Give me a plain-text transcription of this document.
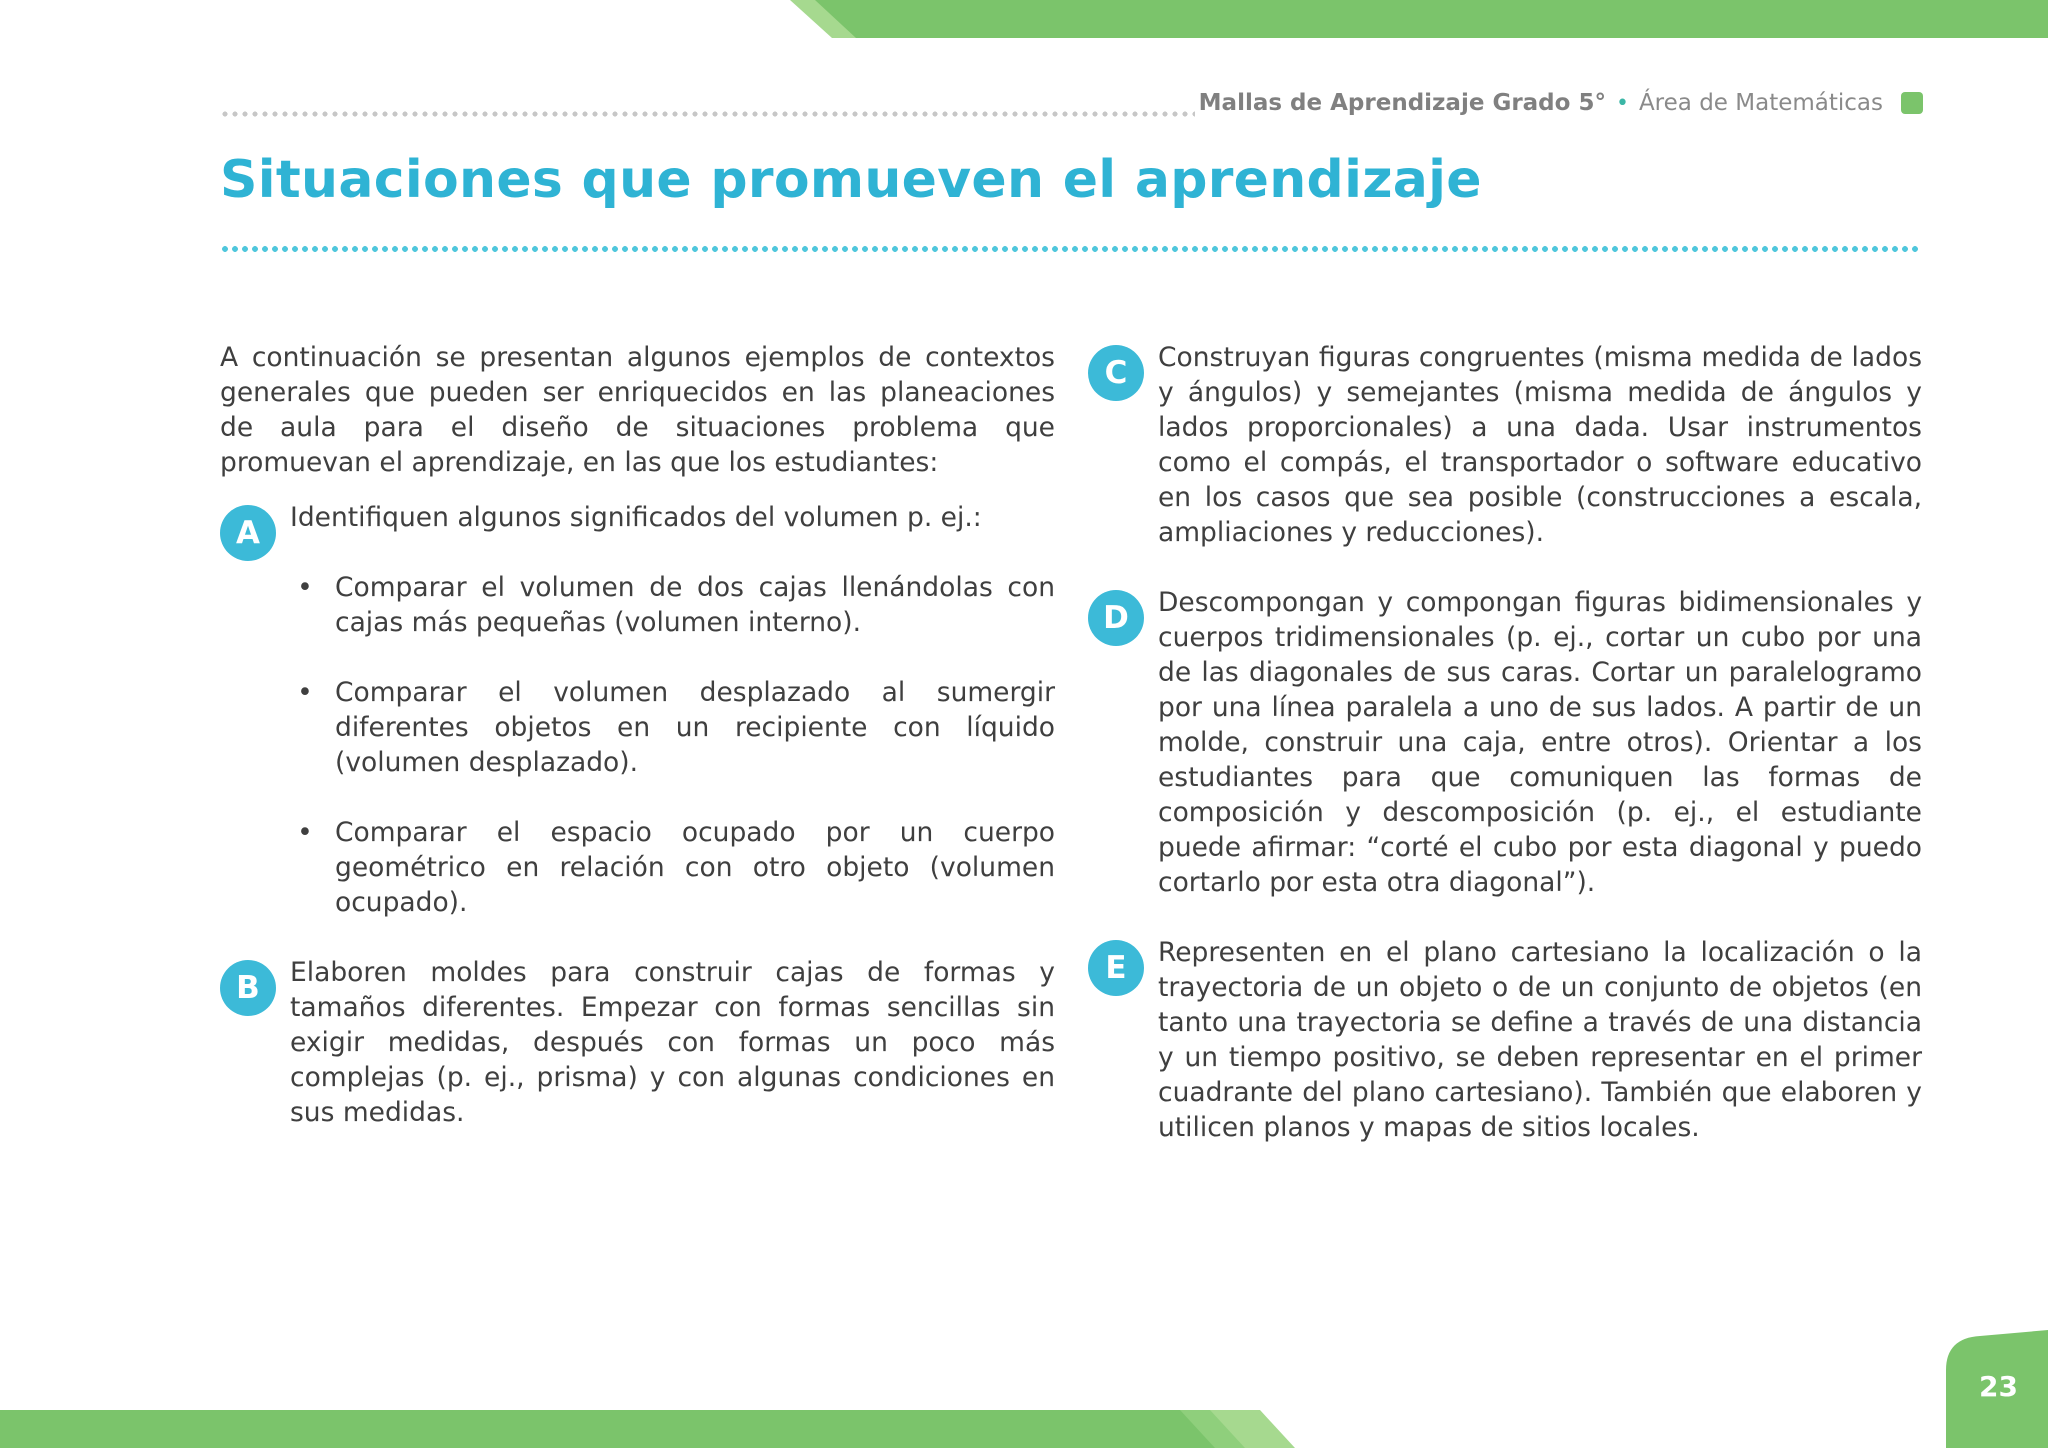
23
Mallas de Aprendizaje Grado 5° • Área de Matemáticas
Situaciones que promueven el aprendizaje

A continuación se presentan algunos ejemplos de contextos generales que pueden ser enriquecidos en las planeaciones de aula para el diseño de situaciones problema que promuevan el aprendizaje, en las que los estudiantes:

A	Identifiquen algunos significados del volumen p. ej.:

• Comparar el volumen de dos cajas llenándolas con cajas más pequeñas (volumen interno).
• Comparar el volumen desplazado al sumergir diferentes objetos en un recipiente con líquido (volumen desplazado).
• Comparar el espacio ocupado por un cuerpo geométrico en relación con otro objeto (volumen ocupado).
B	Elaboren moldes para construir cajas de formas y tamaños diferentes. Empezar con formas sencillas sin exigir medidas, después con formas un poco más complejas (p. ej., prisma) y con algunas condiciones en sus medidas.

C	Construyan figuras congruentes (misma medida de lados y ángulos) y semejantes (misma medida de ángulos y lados proporcionales) a una dada. Usar instrumentos como el compás, el transportador o software educativo en los casos que sea posible (construcciones a escala, ampliaciones y reducciones).

D	Descompongan y compongan figuras bidimensionales y cuerpos tridimensionales (p. ej., cortar un cubo por una de las diagonales de sus caras. Cortar un paralelogramo por una línea paralela a uno de sus lados. A partir de un molde, construir una caja, entre otros). Orientar a los estudiantes para que comuniquen las formas de composición y descomposición (p. ej., el estudiante puede afirmar: “corté el cubo por esta diagonal y puedo cortarlo por esta otra diagonal”).

E	Representen en el plano cartesiano la localización o la trayectoria de un objeto o de un conjunto de objetos (en tanto una trayectoria se define a través de una distancia y un tiempo positivo, se deben representar en el primer cuadrante del plano cartesiano). También que elaboren y utilicen planos y mapas de sitios locales.
